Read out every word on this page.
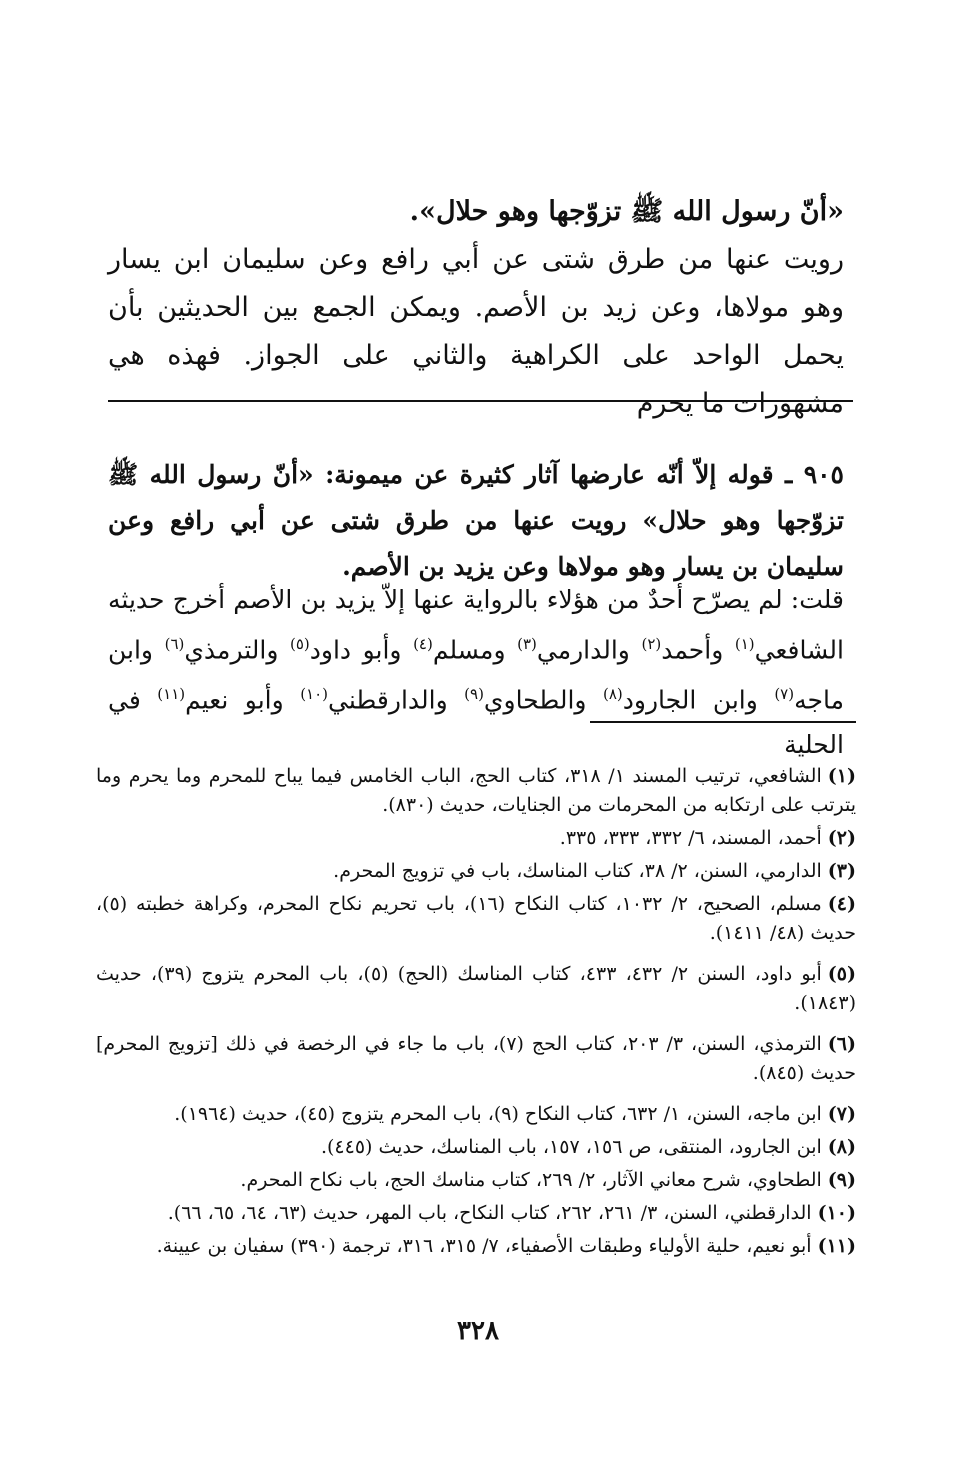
«أنّ رسول الله ﷺ تزوّجها وهو حلال».
رويت عنها من طرق شتى عن أبي رافع وعن سليمان ابن يسار وهو مولاها، وعن زيد بن الأصم. ويمكن الجمع بين الحديثين بأن يحمل الواحد على الكراهية والثاني على الجواز. فهذه هي مشهورات ما يحرم
٩٠٥ ـ قوله إلاّ أنّه عارضها آثار كثيرة عن ميمونة: «أنّ رسول الله ﷺ تزوّجها وهو حلال» رويت عنها من طرق شتى عن أبي رافع وعن سليمان بن يسار وهو مولاها وعن يزيد بن الأصم.
قلت: لم يصرّح أحدٌ من هؤلاء بالرواية عنها إلاّ يزيد بن الأصم أخرج حديثه الشافعي$^{(١)}$ وأحمد$^{(٢)}$ والدارمي$^{(٣)}$ ومسلم$^{(٤)}$ وأبو داود$^{(٥)}$ والترمذي$^{(٦)}$ وابن ماجه$^{(٧)}$ وابن الجارود$^{(٨)}$ والطحاوي$^{(٩)}$ والدارقطني$^{(١٠)}$ وأبو نعيم$^{(١١)}$ في الحلية
(١)الشافعي، ترتيب المسند ١/ ٣١٨، كتاب الحج، الباب الخامس فيما يباح للمحرم وما يحرم وما يترتب على ارتكابه من المحرمات من الجنايات، حديث (٨٣٠).
(٢)أحمد، المسند، ٦/ ٣٣٢، ٣٣٣، ٣٣٥.
(٣)الدارمي، السنن، ٢/ ٣٨، كتاب المناسك، باب في تزويج المحرم.
(٤)مسلم، الصحيح، ٢/ ١٠٣٢، كتاب النكاح (١٦)، باب تحريم نكاح المحرم، وكراهة خطبته (٥)، حديث (٤٨/ ١٤١١).
(٥)أبو داود، السنن ٢/ ٤٣٢، ٤٣٣، كتاب المناسك (الحج) (٥)، باب المحرم يتزوج (٣٩)، حديث (١٨٤٣).
(٦)الترمذي، السنن، ٣/ ٢٠٣، كتاب الحج (٧)، باب ما جاء في الرخصة في ذلك [تزويج المحرم] حديث (٨٤٥).
(٧)ابن ماجه، السنن، ١/ ٦٣٢، كتاب النكاح (٩)، باب المحرم يتزوج (٤٥)، حديث (١٩٦٤).
(٨)ابن الجارود، المنتقى، ص ١٥٦، ١٥٧، باب المناسك، حديث (٤٤٥).
(٩)الطحاوي، شرح معاني الآثار، ٢/ ٢٦٩، كتاب مناسك الحج، باب نكاح المحرم.
(١٠)الدارقطني، السنن، ٣/ ٢٦١، ٢٦٢، كتاب النكاح، باب المهر، حديث (٦٣، ٦٤، ٦٥، ٦٦).
(١١)أبو نعيم، حلية الأولياء وطبقات الأصفياء، ٧/ ٣١٥، ٣١٦، ترجمة (٣٩٠) سفيان بن عيينة.
٣٢٨
